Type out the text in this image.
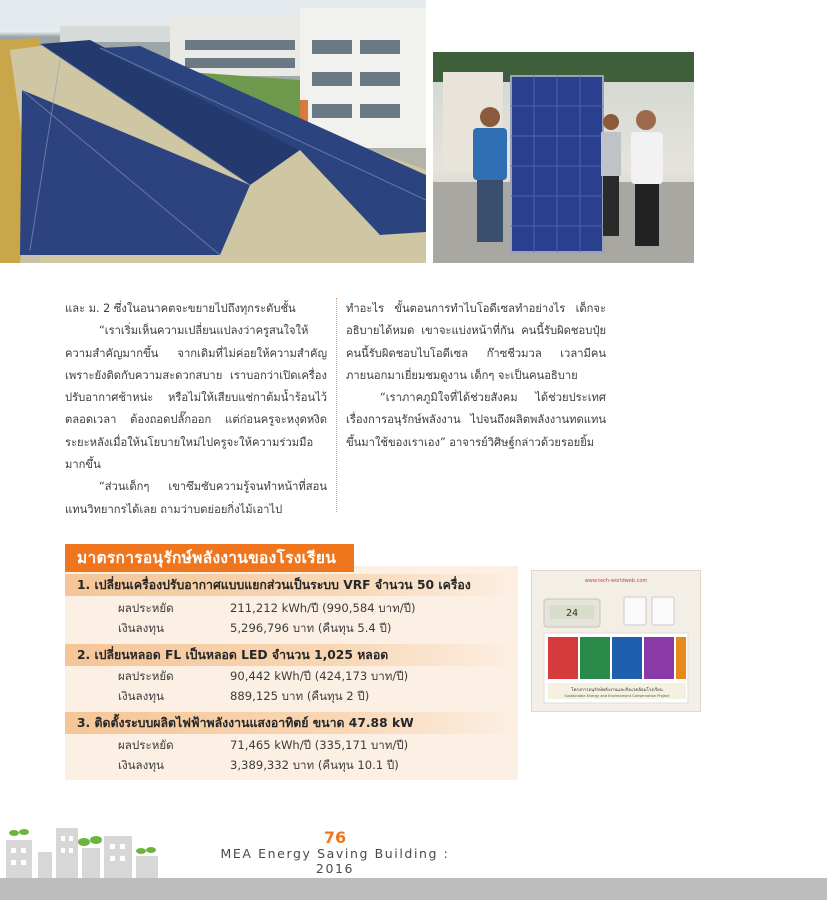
และ ม. 2 ซึ่งในอนาคตจะขยายไปถึงทุกระดับชั้น

“เราเริ่มเห็นความเปลี่ยนแปลงว่าครูสนใจให้ความสำคัญมากขึ้น จากเดิมที่ไม่ค่อยให้ความสำคัญเพราะยังติดกับความสะดวกสบาย เราบอกว่าเปิดเครื่องปรับอากาศช้าหน่ะ หรือไม่ให้เสียบแช่กาต้มน้ำร้อนไว้ตลอดเวลา ต้องถอดปลั๊กออก แต่ก่อนครูจะหงุดหงิด ระยะหลังเมื่อให้นโยบายใหม่ไปครูจะให้ความร่วมมือมากขึ้น

“ส่วนเด็กๆ เขาซึมซับความรู้จนทำหน้าที่สอนแทนวิทยากรได้เลย ถามว่าบดย่อยกิ่งไม้เอาไป

ทำอะไร ขั้นตอนการทำไบโอดีเซลทำอย่างไร เด็กจะอธิบายได้หมด เขาจะแบ่งหน้าที่กัน คนนี้รับผิดชอบปุ๋ย คนนี้รับผิดชอบไบโอดีเซล ก๊าซชีวมวล เวลามีคนภายนอกมาเยี่ยมชมดูงาน เด็กๆ จะเป็นคนอธิบาย

“เราภาคภูมิใจที่ได้ช่วยสังคม ได้ช่วยประเทศเรื่องการอนุรักษ์พลังงาน ไปจนถึงผลิตพลังงานทดแทนขึ้นมาใช้ของเราเอง” อาจารย์วิศิษฐ์กล่าวด้วยรอยยิ้ม

มาตรการอนุรักษ์พลังงานของโรงเรียน
1. เปลี่ยนเครื่องปรับอากาศแบบแยกส่วนเป็นระบบ VRF จำนวน 50 เครื่อง
ผลประหยัด	211,212 kWh/ปี (990,584 บาท/ปี)
เงินลงทุน	5,296,796 บาท (คืนทุน 5.4 ปี)
2. เปลี่ยนหลอด FL เป็นหลอด LED จำนวน 1,025 หลอด
ผลประหยัด	90,442 kWh/ปี (424,173 บาท/ปี)
เงินลงทุน	889,125 บาท (คืนทุน 2 ปี)
3. ติดตั้งระบบผลิตไฟฟ้าพลังงานแสงอาทิตย์ ขนาด 47.88 kW
ผลประหยัด	71,465 kWh/ปี (335,171 บาท/ปี)
เงินลงทุน	3,389,332 บาท (คืนทุน 10.1 ปี)
www.tech-worldweb.com
24
โครงการอนุรักษ์พลังงานและสิ่งแวดล้อมโรงเรียน
Sustainable Energy and Environment Conservation Project
76
MEA Energy Saving Building : 2016
